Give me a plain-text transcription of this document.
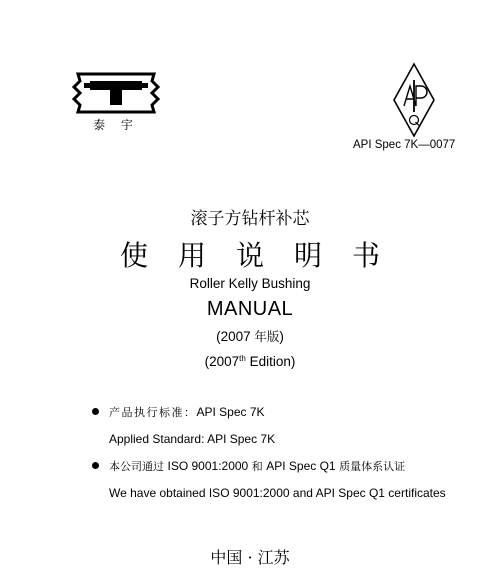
泰 宇
API Spec 7K—0077
滚子方钻杆补芯
使用说明书
Roller Kelly Bushing
MANUAL
(2007 年版)
(2007th Edition)
产品执行标准：API Spec 7K
Applied Standard: API Spec 7K
本公司通过 ISO 9001:2000 和 API Spec Q1 质量体系认证
We have obtained ISO 9001:2000 and API Spec Q1 certificates
中国 · 江苏
